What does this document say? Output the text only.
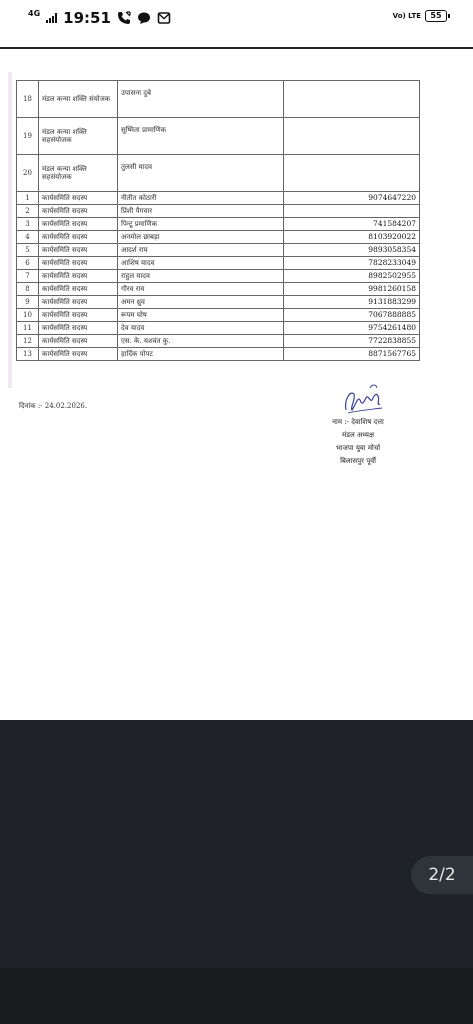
4G 19:51	Vo) LTE	55
18	मंडल कन्या शक्ति संयोजक	उपासना दुबे	
19	मंडल कन्या शक्ति सहसंयोजक	सुष्मिता प्रामाणिक	
20	मंडल कन्या शक्ति सहसंयोजक	तुलसी यादव	
1	कार्यसमिति सदस्य	नीतीत कोठारी	9074647220
2	कार्यसमिति सदस्य	प्रिंशी पैगवार	
3	कार्यसमिति सदस्य	पिन्टू प्रमाणिक	741584207
4	कार्यसमिति सदस्य	अनमोल छाबड़ा	8103920022
5	कार्यसमिति सदस्य	आदर्श राय	9893058354
6	कार्यसमिति सदस्य	आशिष यादव	7828233049
7	कार्यसमिति सदस्य	राहुल यादव	8982502955
8	कार्यसमिति सदस्य	गौरव राव	9981260158
9	कार्यसमिति सदस्य	अमन ध्रुव	9131883299
10	कार्यसमिति सदस्य	रूपम घोष	7067888885
11	कार्यसमिति सदस्य	देव यादव	9754261480
12	कार्यसमिति सदस्य	एस. के. यशवंत कु.	7722838855
13	कार्यसमिति सदस्य	हार्दिक पोपट	8871567765
दिनांक :- 24.02.2026.
नाम :- देवाशिष दत्ता
मंडल अध्यक्ष
भाजपा युवा मोर्चा
बिलासपुर पूर्वी
2/2
